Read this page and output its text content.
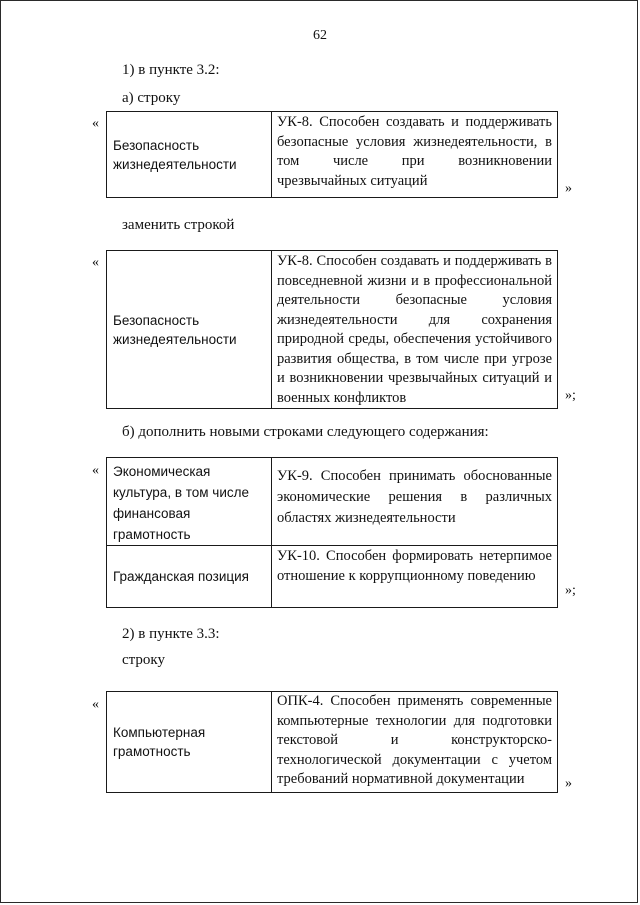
62
1) в пункте 3.2:
а) строку
«
Безопасность жизнедеятельности	УК-8. Способен создавать и поддерживать безопасные условия жизнедеятельности, в том числе при возникновении чрезвычайных ситуаций	»
заменить строкой
«
Безопасность жизнедеятельности	УК-8. Способен создавать и поддерживать в повседневной жизни и в профессиональной деятельности безопасные условия жизнедеятельности для сохранения природной среды, обеспечения устойчивого развития общества, в том числе при угрозе и возникновении чрезвычайных ситуаций и военных конфликтов	»;
б) дополнить новыми строками следующего содержания:
« Экономическая культура, в том числе финансовая грамотность	УК-9. Способен принимать обоснованные экономические решения в различных областях жизнедеятельности
Гражданская позиция	УК-10. Способен формировать нетерпимое отношение к коррупционному поведению
»;
2) в пункте 3.3:
строку
«
Компьютерная грамотность	ОПК-4. Способен применять современные компьютерные технологии для подготовки текстовой и конструкторско-технологической документации с учетом требований нормативной документации	»
